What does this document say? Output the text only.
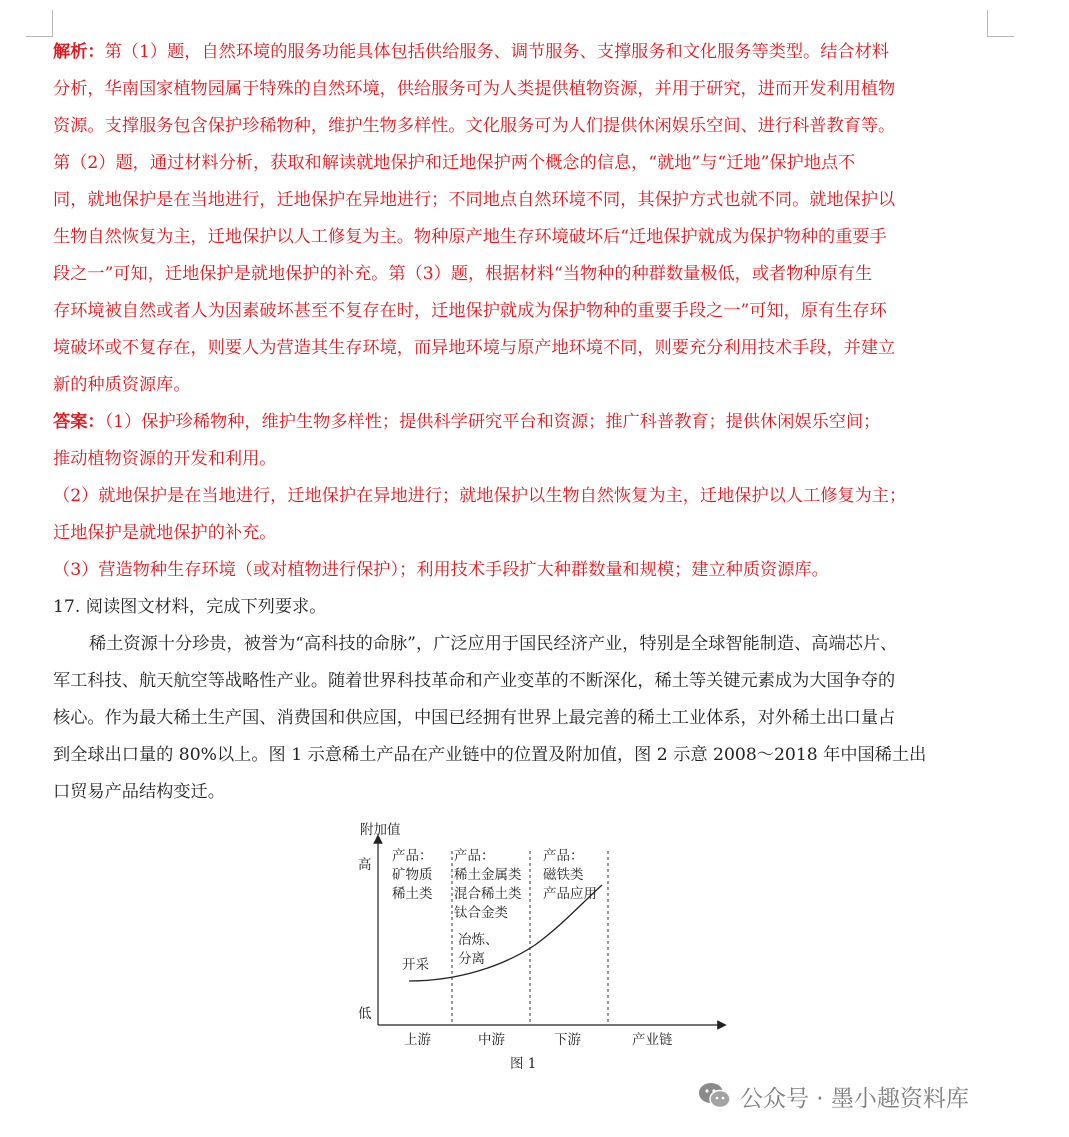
解析：第（1）题，自然环境的服务功能具体包括供给服务、调节服务、支撑服务和文化服务等类型。结合材料
分析，华南国家植物园属于特殊的自然环境，供给服务可为人类提供植物资源，并用于研究，进而开发利用植物
资源。支撑服务包含保护珍稀物种，维护生物多样性。文化服务可为人们提供休闲娱乐空间、进行科普教育等。
第（2）题，通过材料分析，获取和解读就地保护和迁地保护两个概念的信息，“就地”与“迁地”保护地点不
同，就地保护是在当地进行，迁地保护在异地进行；不同地点自然环境不同，其保护方式也就不同。就地保护以
生物自然恢复为主，迁地保护以人工修复为主。物种原产地生存环境破坏后“迁地保护就成为保护物种的重要手
段之一”可知，迁地保护是就地保护的补充。第（3）题，根据材料“当物种的种群数量极低，或者物种原有生
存环境被自然或者人为因素破坏甚至不复存在时，迁地保护就成为保护物种的重要手段之一”可知，原有生存环
境破坏或不复存在，则要人为营造其生存环境，而异地环境与原产地环境不同，则要充分利用技术手段，并建立
新的种质资源库。
答案：（1）保护珍稀物种，维护生物多样性；提供科学研究平台和资源；推广科普教育；提供休闲娱乐空间；
推动植物资源的开发和利用。
（2）就地保护是在当地进行，迁地保护在异地进行；就地保护以生物自然恢复为主，迁地保护以人工修复为主；
迁地保护是就地保护的补充。
（3）营造物种生存环境（或对植物进行保护）；利用技术手段扩大种群数量和规模；建立种质资源库。
17. 阅读图文材料，完成下列要求。
稀土资源十分珍贵，被誉为“高科技的命脉”，广泛应用于国民经济产业，特别是全球智能制造、高端芯片、
军工科技、航天航空等战略性产业。随着世界科技革命和产业变革的不断深化，稀土等关键元素成为大国争夺的
核心。作为最大稀土生产国、消费国和供应国，中国已经拥有世界上最完善的稀土工业体系，对外稀土出口量占
到全球出口量的 80%以上。图 1 示意稀土产品在产业链中的位置及附加值，图 2 示意 2008～2018 年中国稀土出
口贸易产品结构变迁。
附加值
高
低
产品：
矿物质
稀土类
产品：
稀土金属类
混合稀土类
钛合金类
产品：
磁铁类
产品应用
冶炼、
分离
开采
上游	中游	下游	产业链
图 1
公众号 · 墨小趣资料库
